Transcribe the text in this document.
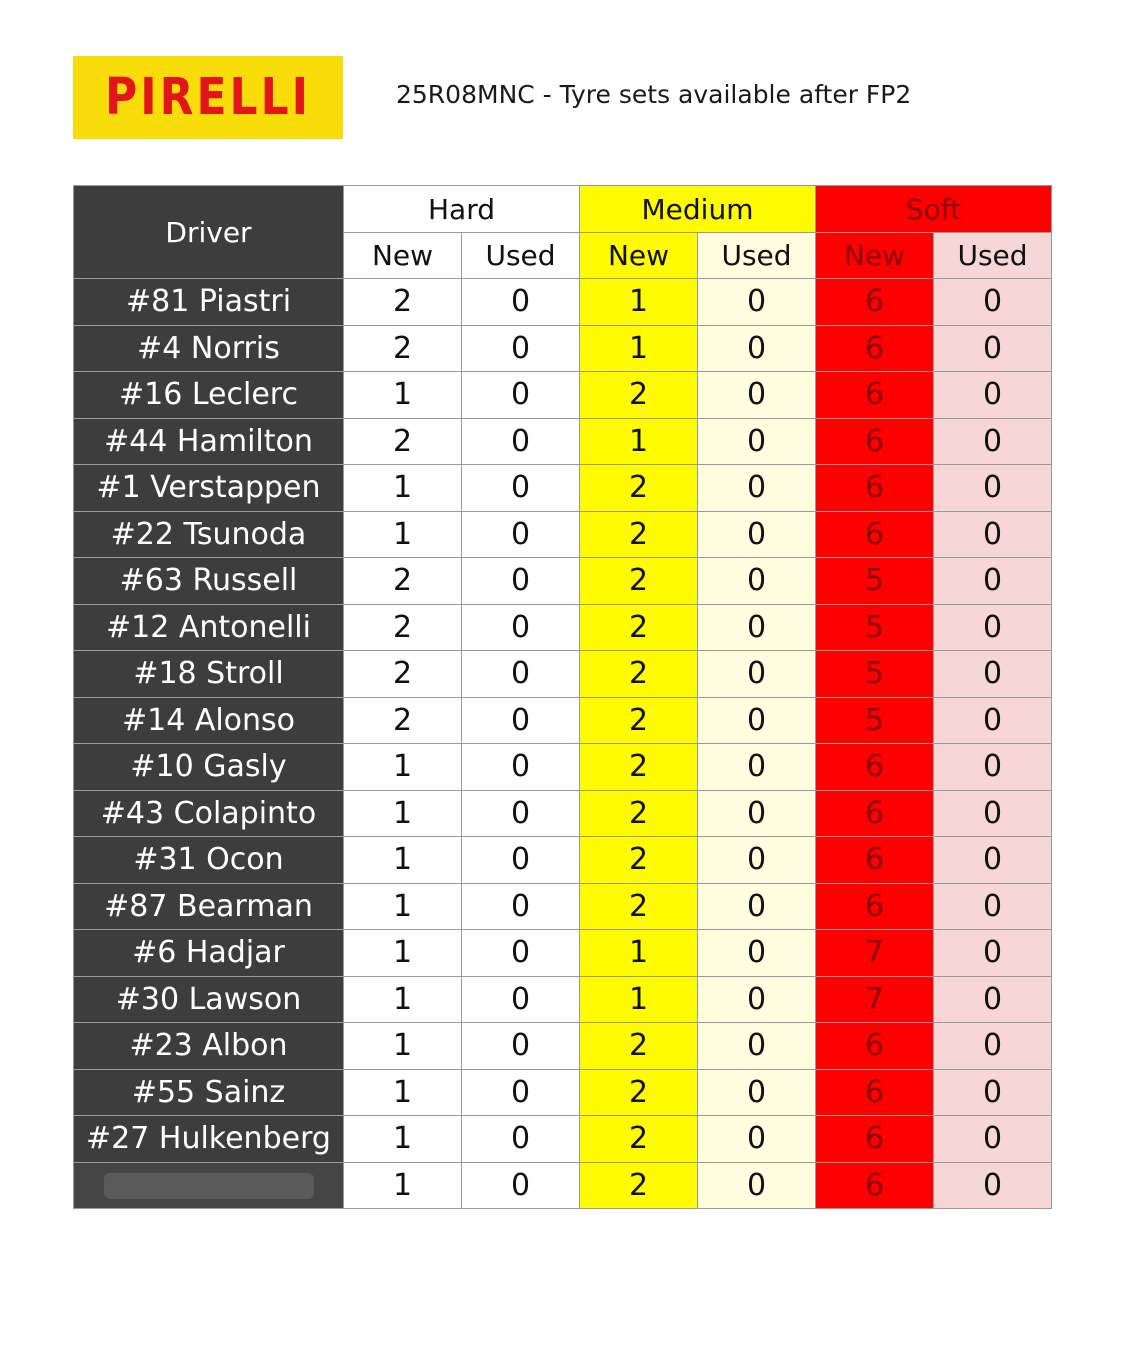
PIRELLI	25R08MNC - Tyre sets available after FP2
Driver	Hard		Medium		Soft	
	New	Used	New	Used	New	Used
#81 Piastri	2	0	1	0	6	0
#4 Norris	2	0	1	0	6	0
#16 Leclerc	1	0	2	0	6	0
#44 Hamilton	2	0	1	0	6	0
#1 Verstappen	1	0	2	0	6	0
#22 Tsunoda	1	0	2	0	6	0
#63 Russell	2	0	2	0	5	0
#12 Antonelli	2	0	2	0	5	0
#18 Stroll	2	0	2	0	5	0
#14 Alonso	2	0	2	0	5	0
#10 Gasly	1	0	2	0	6	0
#43 Colapinto	1	0	2	0	6	0
#31 Ocon	1	0	2	0	6	0
#87 Bearman	1	0	2	0	6	0
#6 Hadjar	1	0	1	0	7	0
#30 Lawson	1	0	1	0	7	0
#23 Albon	1	0	2	0	6	0
#55 Sainz	1	0	2	0	6	0
#27 Hulkenberg	1	0	2	0	6	0
	1	0	2	0	6	0
